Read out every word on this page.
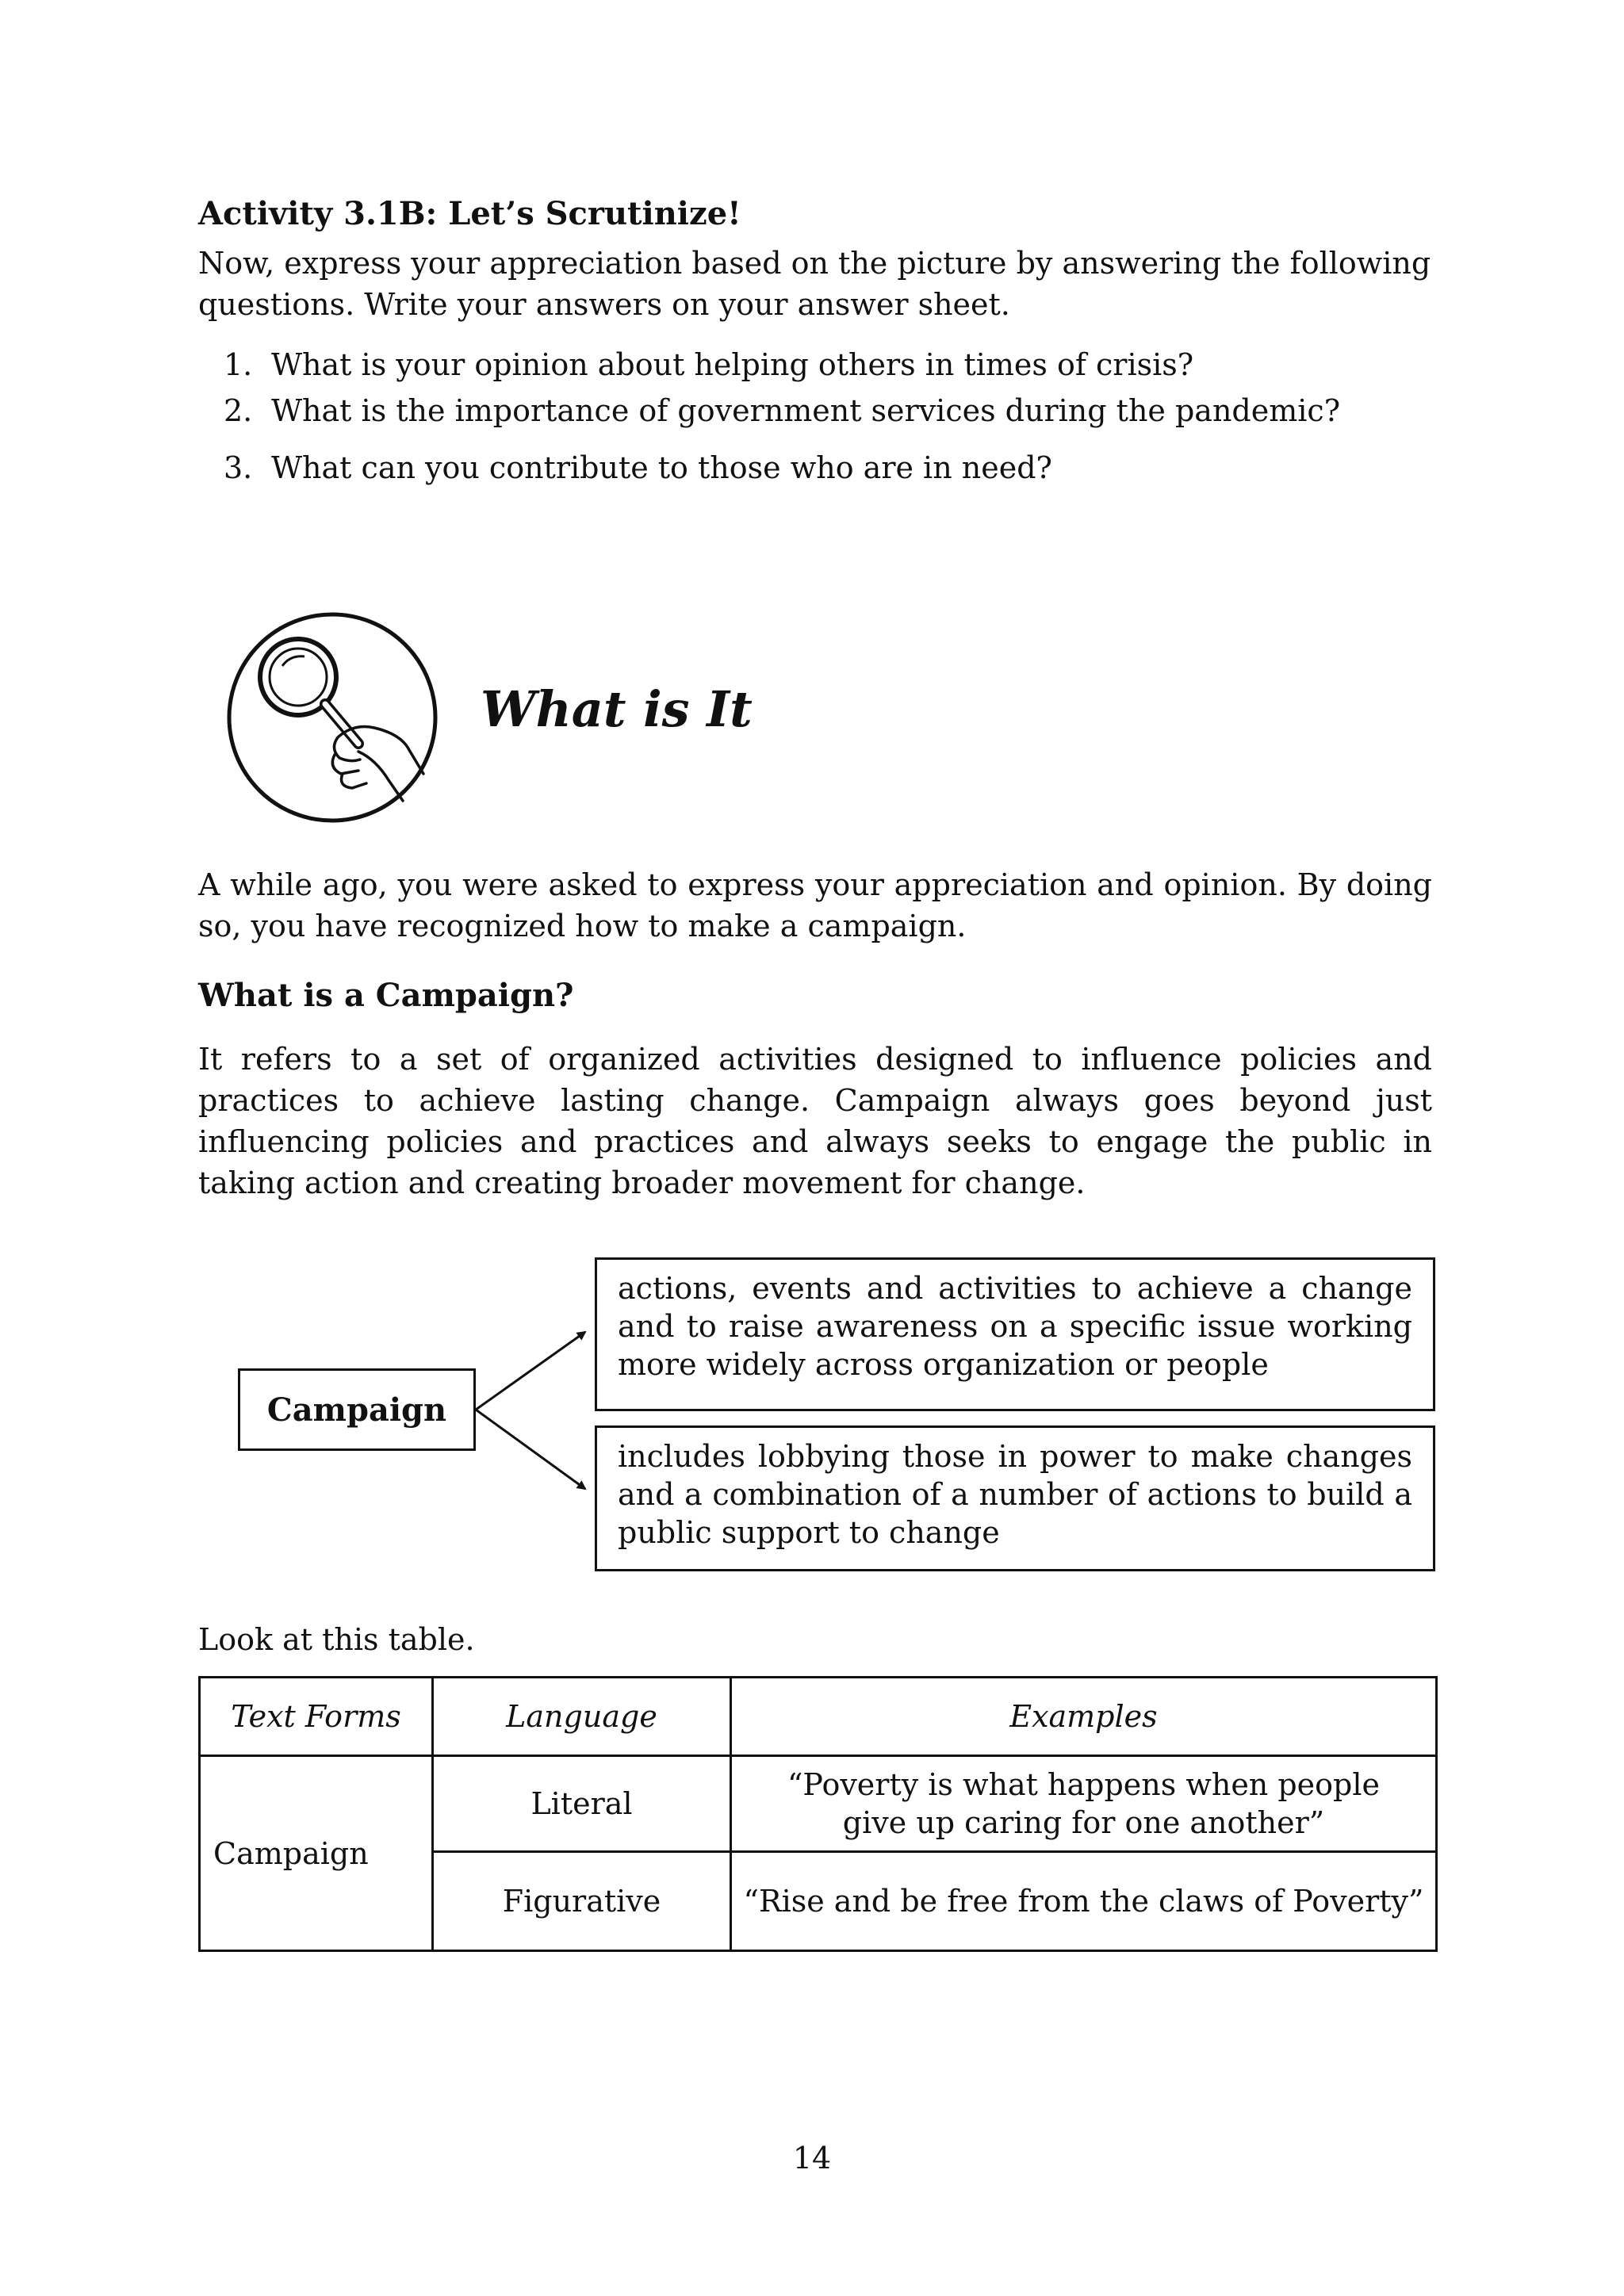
Activity 3.1B: Let’s Scrutinize!
Now, express your appreciation based on the picture by answering the following questions. Write your answers on your answer sheet.
1. What is your opinion about helping others in times of crisis?
2. What is the importance of government services during the pandemic?
3. What can you contribute to those who are in need?
What is It
A while ago, you were asked to express your appreciation and opinion. By doing so, you have recognized how to make a campaign.
What is a Campaign?
It refers to a set of organized activities designed to influence policies and practices to achieve lasting change. Campaign always goes beyond just influencing policies and practices and always seeks to engage the public in taking action and creating broader movement for change.
Campaign
actions, events and activities to achieve a change and to raise awareness on a specific issue working more widely across organization or people
includes lobbying those in power to make changes and a combination of a number of actions to build a public support to change
Look at this table.
Text Forms	Language	Examples
Campaign	Literal	“Poverty is what happens when people give up caring for one another”
	Figurative	“Rise and be free from the claws of Poverty”
14
